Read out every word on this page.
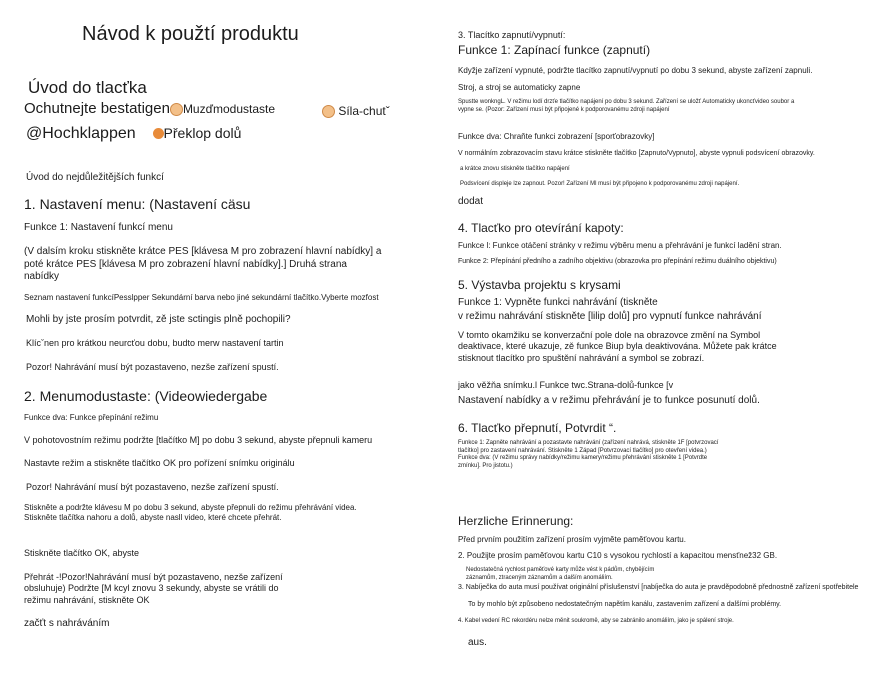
Návod k použtí produktu
Úvod do tlacťka
Ochutnejte bestatigen Muzďmodustaste	Síla-chutˇ
@Hochklappen Překlop dolů
Úvod do nejdůležitějších funkcí
1. Nastavení menu: (Nastavení cäsu
Funkce 1: Nastavení funkcí menu
(V dalsím kroku stiskněte krátce PES [klávesa M pro zobrazení hlavní nabídky] a poté krátce PES [klávesa M pro zobrazení hlavní nabídky].] Druhá strana nabídky
Seznam nastavení funkcíPesslpper Sekundární barva nebo jiné sekundární tlačítko.Vyberte mozfost
Mohli by jste prosím potvrdit, zě jste sctingis plně pochopili?
Klícˇnen pro krátkou neurcťou dobu, budto merw nastavení tartin
Pozor! Nahrávání musí být pozastaveno, nezše zařízení spustí.
2. Menumodustaste: (Videowiedergabe
Funkce dva: Funkce přepínání režimu
V pohotovostním režimu podržte [tlačítko M] po dobu 3 sekund, abyste přepnuli kameru
Nastavte režim a stiskněte tlačítko OK pro pořízení snímku originálu
Pozor! Nahrávání musí být pozastaveno, nezše zařízení spustí.
Stiskněte a podržte klávesu M po dobu 3 sekund, abyste přepnuli do režimu přehrávání videa. Stiskněte tlačítka nahoru a dolů, abyste nasll video, které chcete přehrát.
Stiskněte tlačítko OK, abyste
Přehrát -!Pozor!Nahrávání musí být pozastaveno, nezše zařízení obsluhuje) Podržte [M kcyl znovu 3 sekundy, abyste se vrátili do režimu nahrávání, stiskněte OK
začťt s nahráváním
3. Tlacítko zapnutí/vypnutí:
Funkce 1: Zapínací funkce (zapnutí)
Kdyžje zařízení vypnuté, podržte tlacítko zapnutí/vypnutí po dobu 3 sekund, abyste zařízení zapnuli.
Stroj, a stroj se automaticky zapne
Spustte wonkngL. V režimu lodí drzťe tlačítko napájení po dobu 3 sekund. Zařízení se uložť Automaticky ukoncťvideo soubor a vypne se. (Pozor: Zařízení musí být připojené k podporovanému zdroji napájení
Funkce dva: Chraňte funkci zobrazení [sporťobrazovky]
V normálním zobrazovacím stavu krátce stiskněte tlačítko [Zapnuto/Vypnuto], abyste vypnuli podsvícení obrazovky.
a krátce znovu stiskněte tlačítko napájení
Podsvícení displeje lze zapnout. Pozor! Zařízení Ml musí být připojeno k podporovanému zdroji napájení.
dodat
4. Tlacťko pro otevírání kapoty:
Funkce l: Funkce otáčení stránky v režimu výběru menu a přehrávání je funkcí ladění stran.
Funkce 2: Přepínání předního a zadního objektivu (obrazovka pro přepínání režimu duálního objektivu)
5. Výstavba projektu s krysami
Funkce 1: Vypněte funkci nahrávání (tiskněte
v režimu nahrávání stiskněte [lilip dolů] pro vypnutí funkce nahrávání
V tomto okamžiku se konverzační pole dole na obrazovce změní na Symbol deaktivace, které ukazuje, zě funkce Biup byla deaktivována. Můžete pak krátce stisknout tlacítko pro spuštění nahrávání a symbol se zobrazí.
jako věžňa snímku.l Funkce twc.Strana-dolů-funkce [v
Nastavení nabídky a v režimu přehrávání je to funkce posunutí dolů.
6. Tlacťko přepnutí, Potvrdit “.
Funkce 1: Zapněte nahrávání a pozastavte nahrávání (zařízení nahrává, stiskněte 1F [potvrzovací tlačítko] pro zastavení nahrávání. Stiskněte 1 Západ [Potvrzovací tlačítko] pro otevření videa.) Funkce dva: (V režimu správy nabídky/režimu kamery/režimu přehrávání stiskněte 1 [Potvrdte zmínku]. Pro jistotu.)
Herzliche Erinnerung:
Před prvním použitím zařízení prosím vyjměte paměťovou kartu.
2. Použijte prosím paměťovou kartu C10 s vysokou rychlostí a kapacitou mensťnež32 GB.
Nedostatečná rychlost paměťové karty může vést k pádům, chybějícím záznamům, ztraceným záznamům a dalším anomáliím.
3. Nabíječka do auta musí používat originální příslušenství [nabíječka do auta je pravděpodobně přednostně zařízení spotřebitele
To by mohlo být způsobeno nedostatečným napětím kanálu, zastavením zařízení a dalšími problémy.
4. Kabel vedení RC rekordéru nelze měnit soukromě, aby se zabránilo anomáliím, jako je spálení stroje.
aus.
